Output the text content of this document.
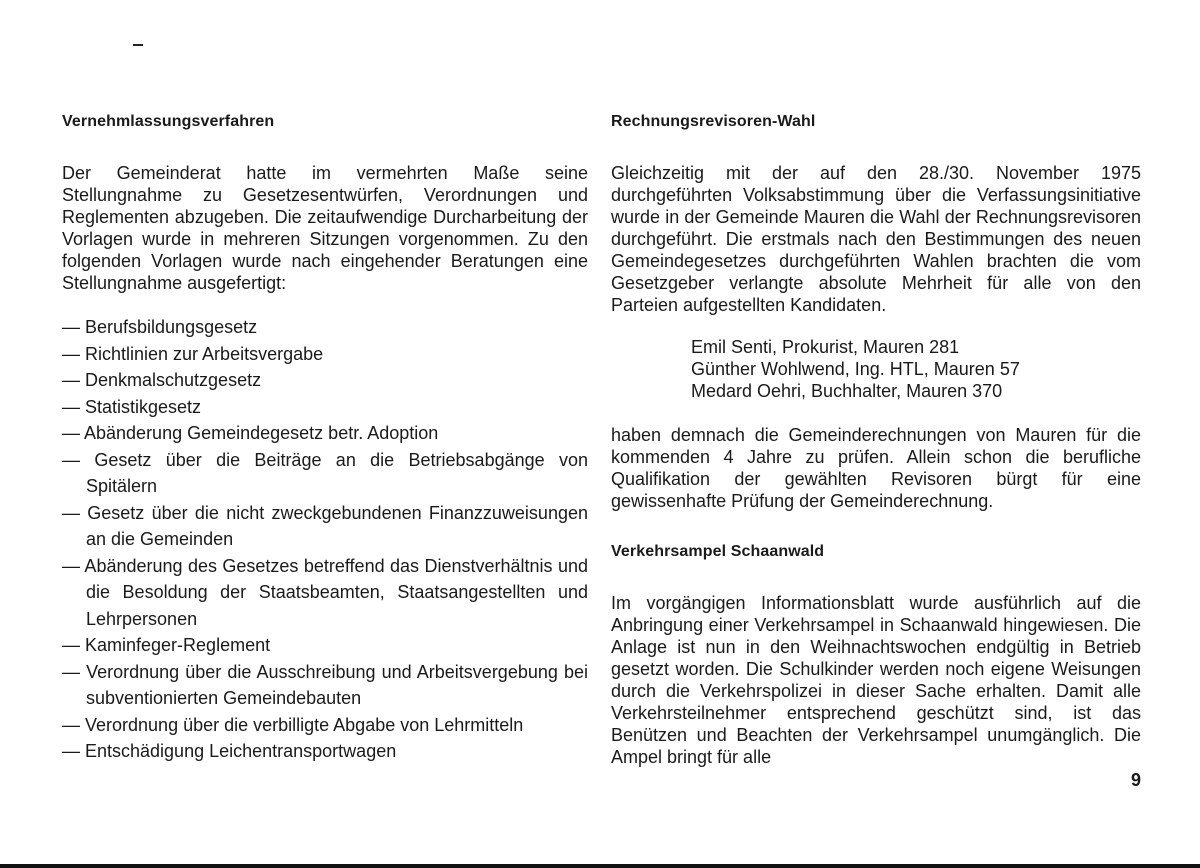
Vernehmlassungsverfahren

Der Gemeinderat hatte im vermehrten Maße seine Stellungnahme zu Gesetzesentwürfen, Verordnungen und Reglementen abzugeben. Die zeitaufwendige Durcharbeitung der Vorlagen wurde in mehreren Sitzungen vorgenommen. Zu den folgenden Vorlagen wurde nach eingehender Beratungen eine Stellungnahme ausgefertigt:

— Berufsbildungsgesetz
— Richtlinien zur Arbeitsvergabe
— Denkmalschutzgesetz
— Statistikgesetz
— Abänderung Gemeindegesetz betr. Adoption
— Gesetz über die Beiträge an die Betriebsabgänge von Spitälern
— Gesetz über die nicht zweckgebundenen Finanzzuweisungen an die Gemeinden
— Abänderung des Gesetzes betreffend das Dienstverhältnis und die Besoldung der Staatsbeamten, Staatsangestellten und Lehrpersonen
— Kaminfeger-Reglement
— Verordnung über die Ausschreibung und Arbeitsvergebung bei subventionierten Gemeindebauten
— Verordnung über die verbilligte Abgabe von Lehrmitteln
— Entschädigung Leichentransportwagen
Rechnungsrevisoren-Wahl

Gleichzeitig mit der auf den 28./30. November 1975 durchgeführten Volksabstimmung über die Verfassungsinitiative wurde in der Gemeinde Mauren die Wahl der Rechnungsrevisoren durchgeführt. Die erstmals nach den Bestimmungen des neuen Gemeindegesetzes durchgeführten Wahlen brachten die vom Gesetzgeber verlangte absolute Mehrheit für alle von den Parteien aufgestellten Kandidaten.

Emil Senti, Prokurist, Mauren 281
Günther Wohlwend, Ing. HTL, Mauren 57
Medard Oehri, Buchhalter, Mauren 370

haben demnach die Gemeinderechnungen von Mauren für die kommenden 4 Jahre zu prüfen. Allein schon die berufliche Qualifikation der gewählten Revisoren bürgt für eine gewissenhafte Prüfung der Gemeinderechnung.

Verkehrsampel Schaanwald

Im vorgängigen Informationsblatt wurde ausführlich auf die Anbringung einer Verkehrsampel in Schaanwald hingewiesen. Die Anlage ist nun in den Weihnachtswochen endgültig in Betrieb gesetzt worden. Die Schulkinder werden noch eigene Weisungen durch die Verkehrspolizei in dieser Sache erhalten. Damit alle Verkehrsteilnehmer entsprechend geschützt sind, ist das Benützen und Beachten der Verkehrsampel unumgänglich. Die Ampel bringt für alle

9
